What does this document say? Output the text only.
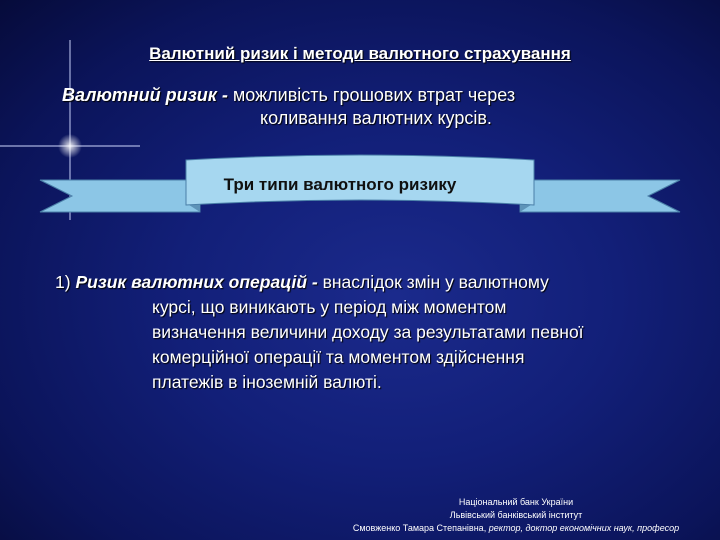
Валютний ризик і методи валютного страхування
Валютний ризик - можливість грошових втрат через
коливання валютних курсів.
Три типи валютного ризику
1) Ризик валютних операцій - внаслідок змін у валютному
курсі, що виникають у період між моментом
визначення величини доходу за результатами певної
комерційної операції та моментом здійснення
платежів в іноземній валюті.
Національний банк України
Львівський банківський інститут
Смовженко Тамара Степанівна, ректор, доктор економічних наук, професор
